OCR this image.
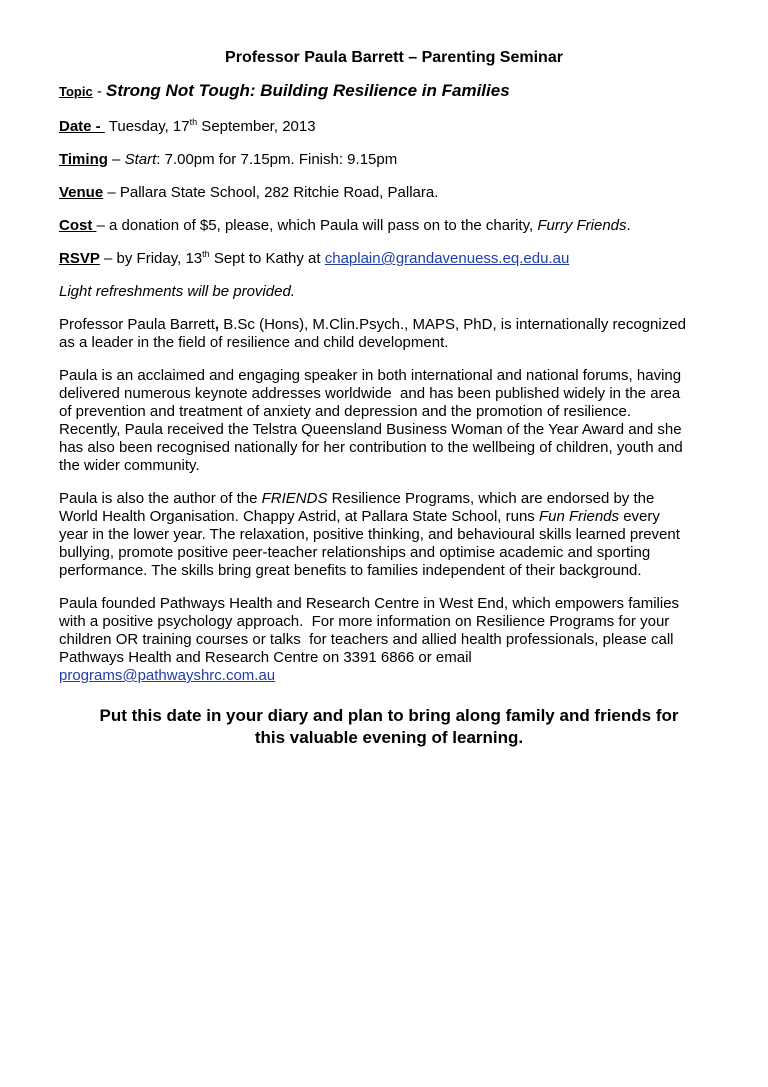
Professor Paula Barrett – Parenting Seminar
Topic - Strong Not Tough: Building Resilience in Families
Date -  Tuesday, 17th September, 2013
Timing – Start: 7.00pm for 7.15pm. Finish: 9.15pm
Venue – Pallara State School, 282 Ritchie Road, Pallara.
Cost – a donation of $5, please, which Paula will pass on to the charity, Furry Friends.
RSVP – by Friday, 13th Sept to Kathy at chaplain@grandavenuess.eq.edu.au
Light refreshments will be provided.
Professor Paula Barrett, B.Sc (Hons), M.Clin.Psych., MAPS, PhD, is internationally recognized
as a leader in the field of resilience and child development.
Paula is an acclaimed and engaging speaker in both international and national forums, having
delivered numerous keynote addresses worldwide  and has been published widely in the area
of prevention and treatment of anxiety and depression and the promotion of resilience.
Recently, Paula received the Telstra Queensland Business Woman of the Year Award and she
has also been recognised nationally for her contribution to the wellbeing of children, youth and
the wider community.
Paula is also the author of the FRIENDS Resilience Programs, which are endorsed by the
World Health Organisation. Chappy Astrid, at Pallara State School, runs Fun Friends every
year in the lower year. The relaxation, positive thinking, and behavioural skills learned prevent
bullying, promote positive peer-teacher relationships and optimise academic and sporting
performance. The skills bring great benefits to families independent of their background.
Paula founded Pathways Health and Research Centre in West End, which empowers families
with a positive psychology approach.  For more information on Resilience Programs for your
children OR training courses or talks  for teachers and allied health professionals, please call
Pathways Health and Research Centre on 3391 6866 or email
programs@pathwayshrc.com.au
Put this date in your diary and plan to bring along family and friends for
this valuable evening of learning.
